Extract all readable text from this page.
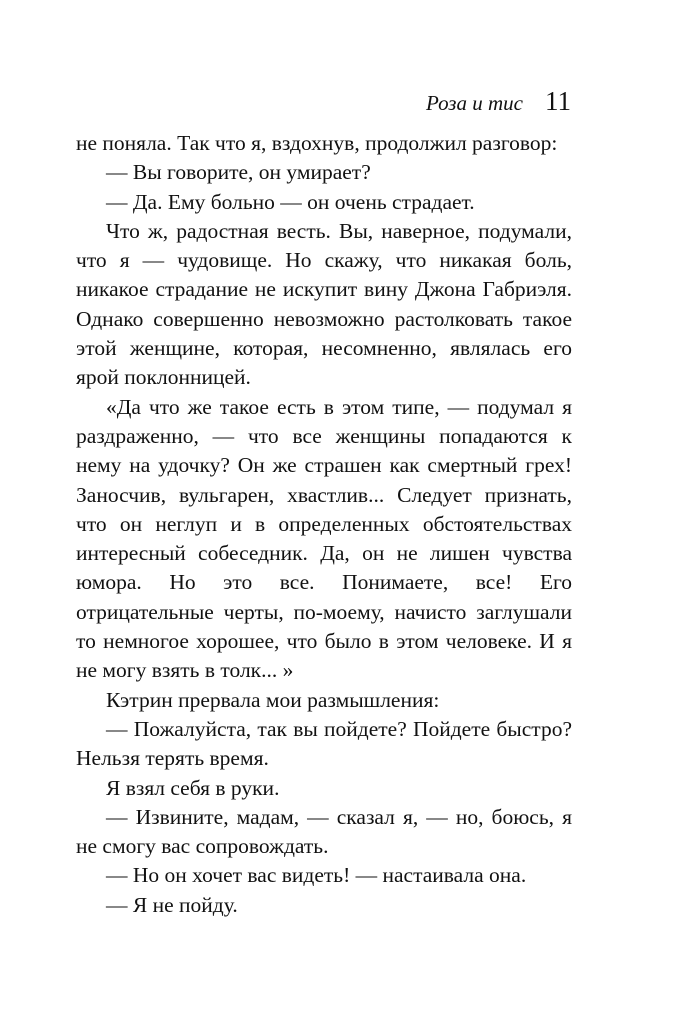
Роза и тис 11

не поняла. Так что я, вздохнув, продолжил разговор:

— Вы говорите, он умирает?

— Да. Ему больно — он очень страдает.

Что ж, радостная весть. Вы, наверное, подумали, что я — чудовище. Но скажу, что никакая боль, никакое страдание не искупит вину Джона Габриэля. Однако совершенно невозможно растолковать такое этой женщине, которая, несомненно, являлась его ярой поклонницей.

«Да что же такое есть в этом типе, — подумал я раздраженно, — что все женщины попадаются к нему на удочку? Он же страшен как смертный грех! Заносчив, вульгарен, хвастлив... Следует признать, что он неглуп и в определенных обстоятельствах интересный собеседник. Да, он не лишен чувства юмора. Но это все. Понимаете, все! Его отрицательные черты, по-моему, начисто заглушали то немногое хорошее, что было в этом человеке. И я не могу взять в толк... »

Кэтрин прервала мои размышления:

— Пожалуйста, так вы пойдете? Пойдете быстро? Нельзя терять время.

Я взял себя в руки.

— Извините, мадам, — сказал я, — но, боюсь, я не смогу вас сопровождать.

— Но он хочет вас видеть! — настаивала она.

— Я не пойду.
